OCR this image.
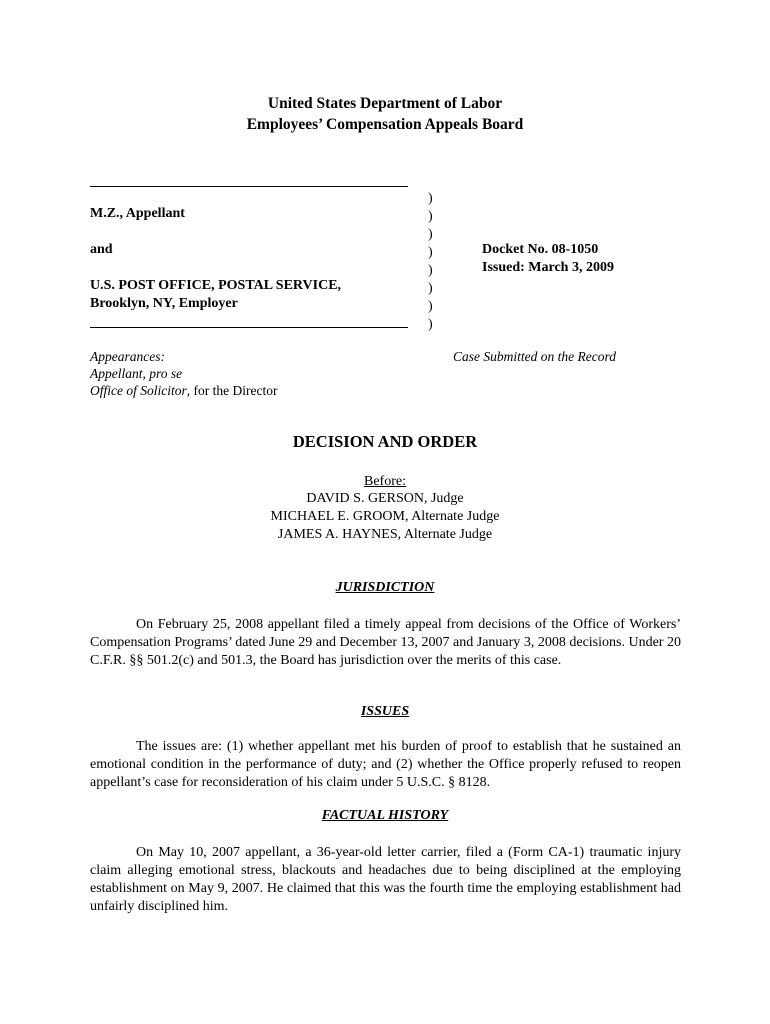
United States Department of Labor
Employees’ Compensation Appeals Board
M.Z., Appellant
and
U.S. POST OFFICE, POSTAL SERVICE,
Brooklyn, NY, Employer
)
)
)
)
)
)
)
)
Docket No. 08-1050
Issued: March 3, 2009
Appearances:
Appellant, pro se
Office of Solicitor, for the Director
Case Submitted on the Record
DECISION AND ORDER
Before:
DAVID S. GERSON, Judge
MICHAEL E. GROOM, Alternate Judge
JAMES A. HAYNES, Alternate Judge
JURISDICTION
On February 25, 2008 appellant filed a timely appeal from decisions of the Office of Workers’ Compensation Programs’ dated June 29 and December 13, 2007 and January 3, 2008 decisions. Under 20 C.F.R. §§ 501.2(c) and 501.3, the Board has jurisdiction over the merits of this case.
ISSUES
The issues are: (1) whether appellant met his burden of proof to establish that he sustained an emotional condition in the performance of duty; and (2) whether the Office properly refused to reopen appellant’s case for reconsideration of his claim under 5 U.S.C. § 8128.
FACTUAL HISTORY
On May 10, 2007 appellant, a 36-year-old letter carrier, filed a (Form CA-1) traumatic injury claim alleging emotional stress, blackouts and headaches due to being disciplined at the employing establishment on May 9, 2007. He claimed that this was the fourth time the employing establishment had unfairly disciplined him.
